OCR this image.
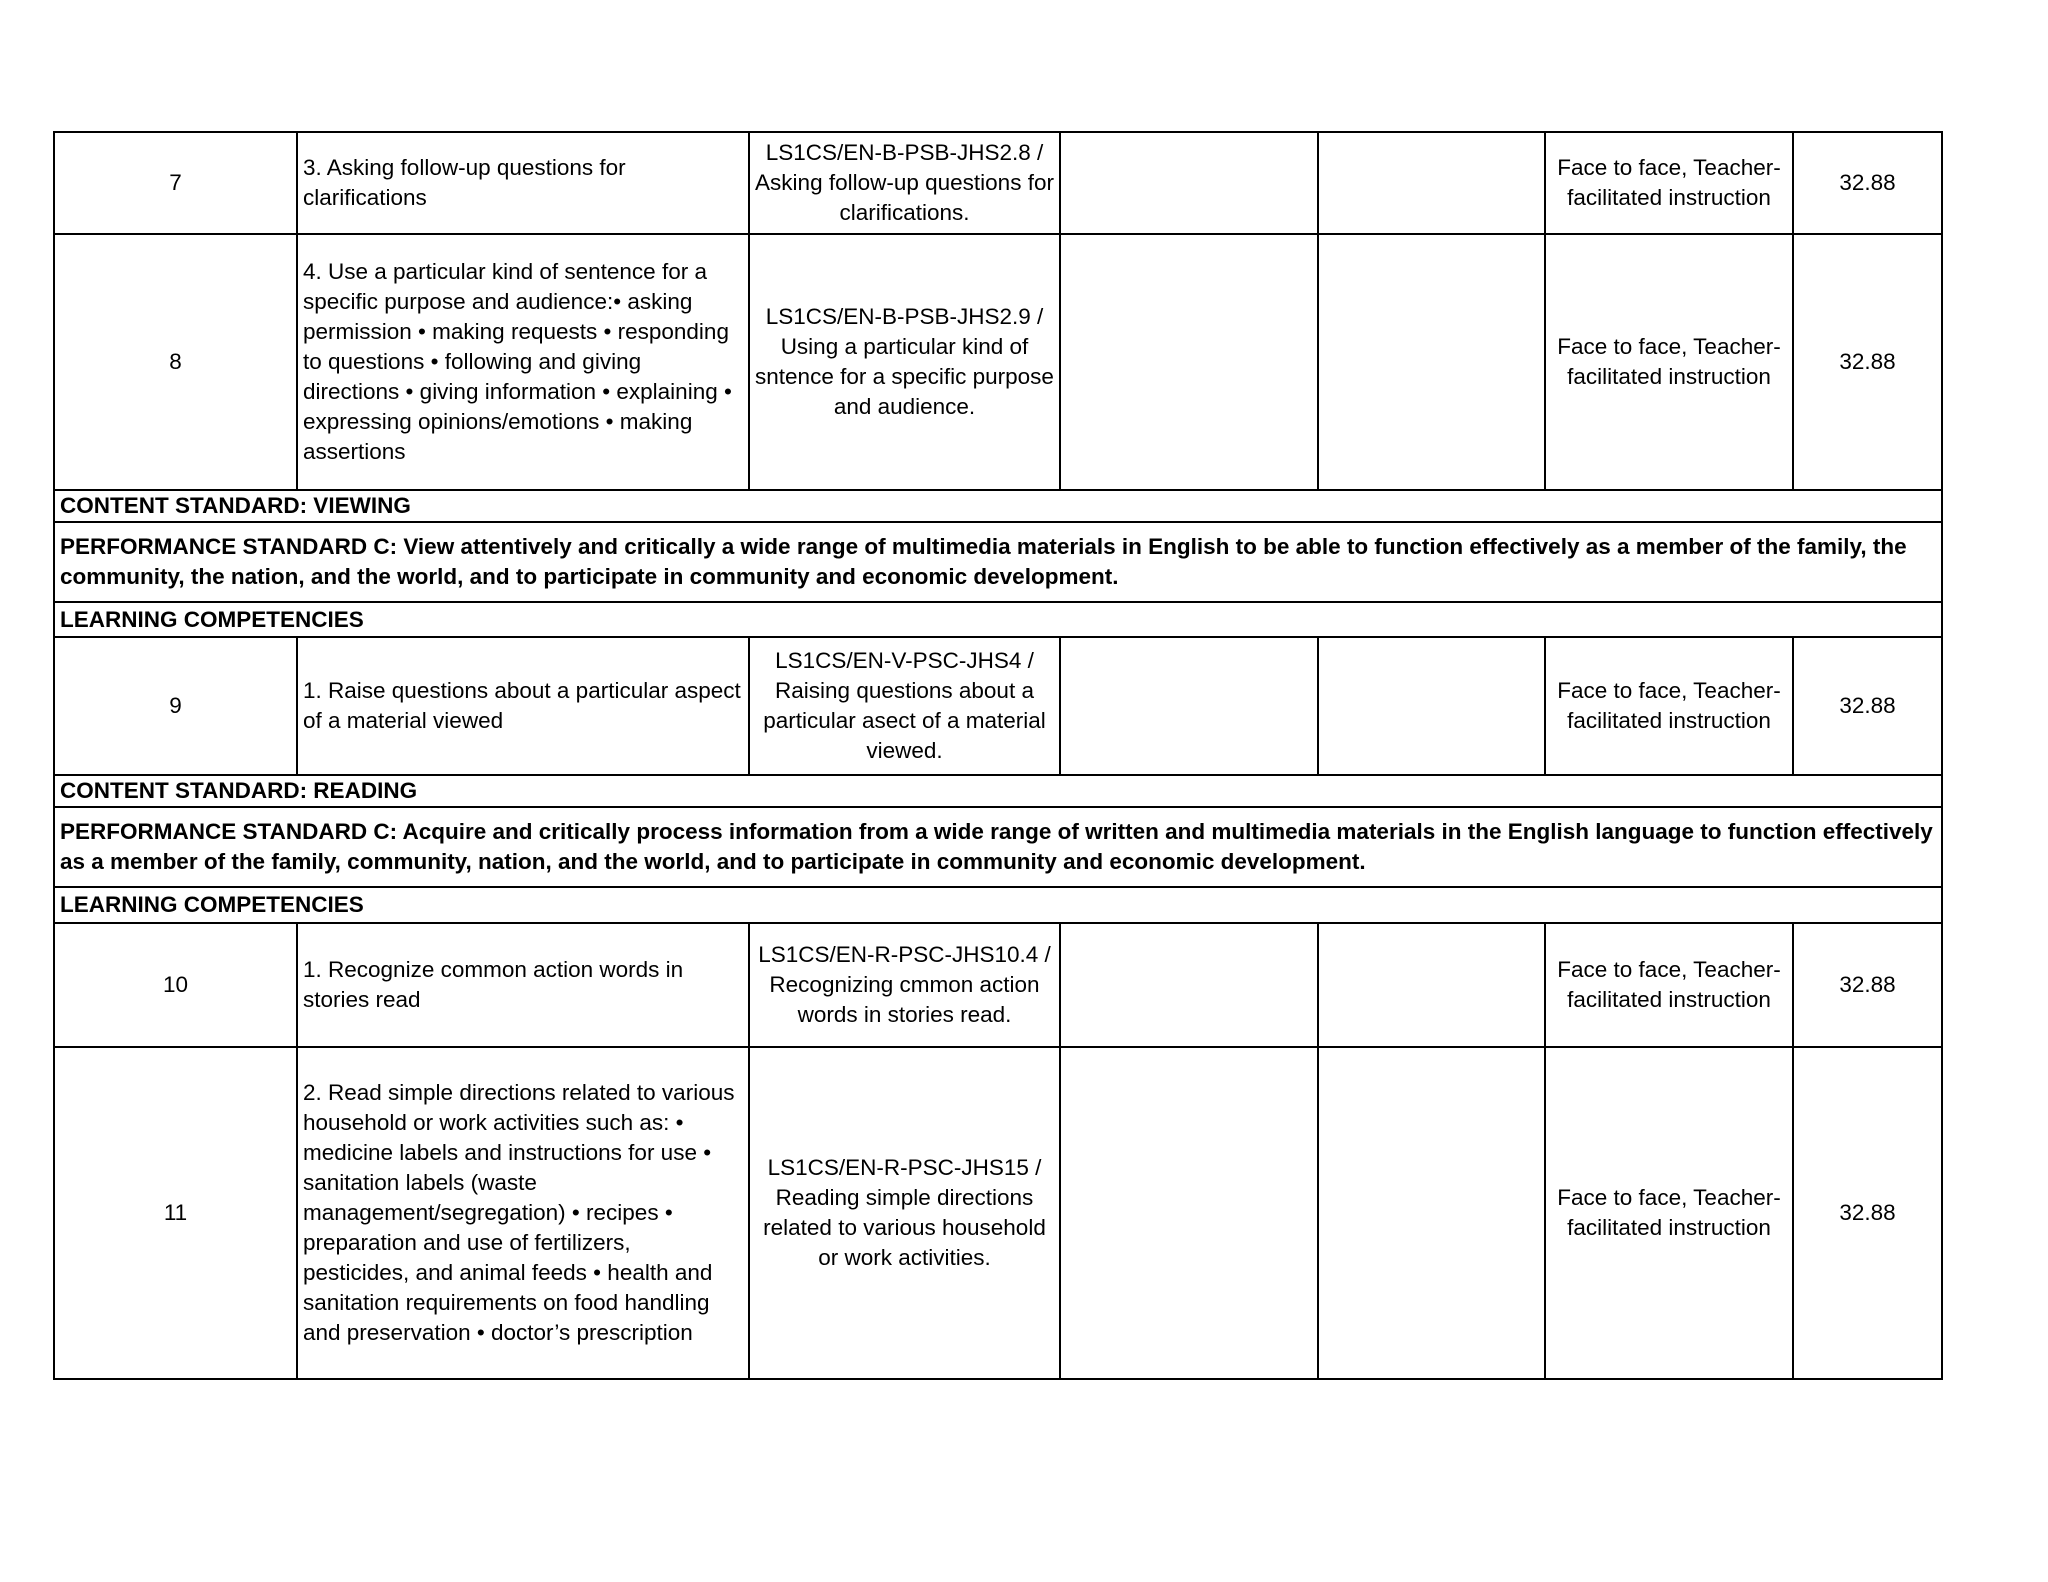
7	3. Asking follow-up questions for clarifications	LS1CS/EN-B-PSB-JHS2.8 / Asking follow-up questions for clarifications.			Face to face, Teacher-facilitated instruction	32.88
8	4. Use a particular kind of sentence for a specific purpose and audience:• asking permission • making requests • responding to questions • following and giving directions • giving information • explaining • expressing opinions/emotions • making assertions	LS1CS/EN-B-PSB-JHS2.9 / Using a particular kind of sntence for a specific purpose and audience.			Face to face, Teacher-facilitated instruction	32.88
CONTENT STANDARD: VIEWING						
PERFORMANCE STANDARD C: View attentively and critically a wide range of multimedia materials in English to be able to function effectively as a member of the family, the community, the nation, and the world, and to participate in community and economic development.						
LEARNING COMPETENCIES						
9	1. Raise questions about a particular aspect of a material viewed	LS1CS/EN-V-PSC-JHS4 / Raising questions about a particular asect of a material viewed.			Face to face, Teacher-facilitated instruction	32.88
CONTENT STANDARD: READING						
PERFORMANCE STANDARD C: Acquire and critically process information from a wide range of written and multimedia materials in the English language to function effectively as a member of the family, community, nation, and the world, and to participate in community and economic development.						
LEARNING COMPETENCIES						
10	1. Recognize common action words in stories read	LS1CS/EN-R-PSC-JHS10.4 / Recognizing cmmon action words in stories read.			Face to face, Teacher-facilitated instruction	32.88
11	2. Read simple directions related to various household or work activities such as: • medicine labels and instructions for use • sanitation labels (waste management/segregation) • recipes • preparation and use of fertilizers, pesticides, and animal feeds • health and sanitation requirements on food handling and preservation • doctor’s prescription	LS1CS/EN-R-PSC-JHS15 / Reading simple directions related to various household or work activities.			Face to face, Teacher-facilitated instruction	32.88
